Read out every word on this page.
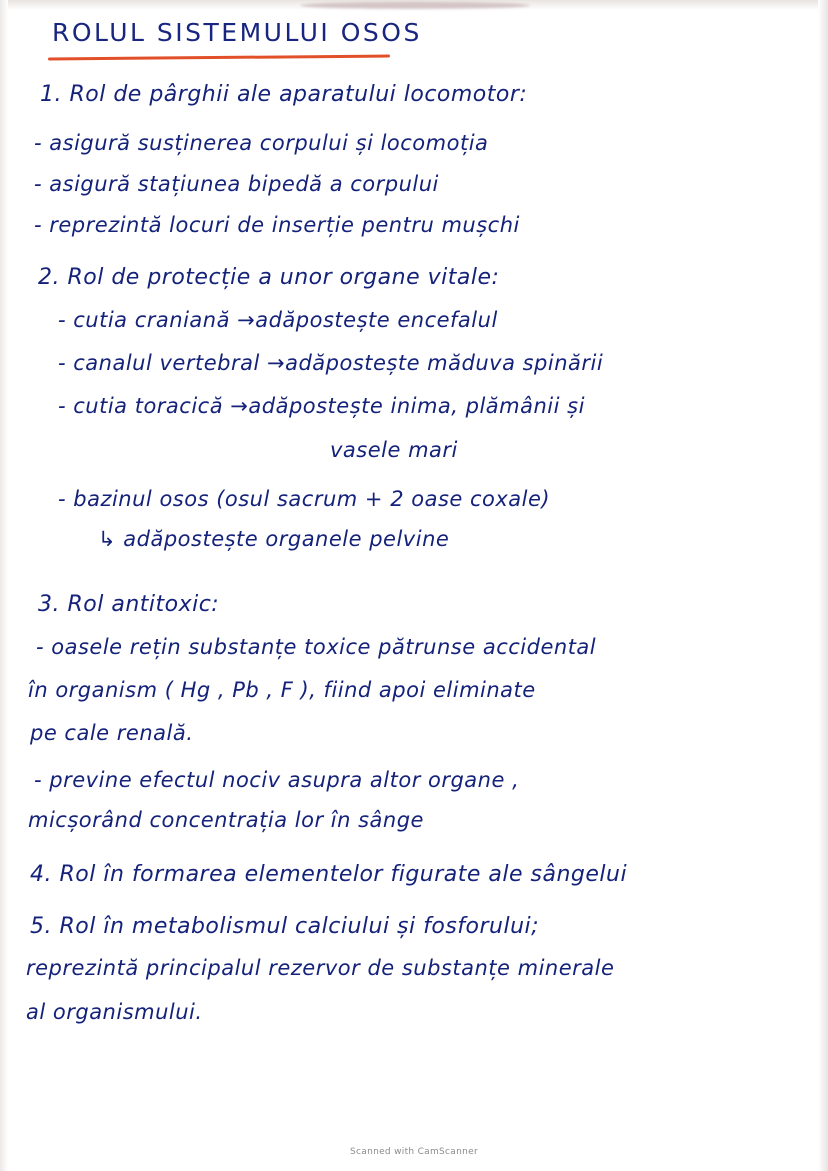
ROLUL SISTEMULUI OSOS
1. Rol de pârghii ale aparatului locomotor:
- asigură susținerea corpului și locomoția
- asigură stațiunea bipedă a corpului
- reprezintă locuri de inserție pentru mușchi
2. Rol de protecție a unor organe vitale:
- cutia craniană →adăpostește encefalul
- canalul vertebral →adăpostește măduva spinării
- cutia toracică →adăpostește inima, plămânii și
vasele mari
- bazinul osos (osul sacrum + 2 oase coxale)
↳ adăpostește organele pelvine
3. Rol antitoxic:
- oasele rețin substanțe toxice pătrunse accidental
în organism ( Hg , Pb , F ), fiind apoi eliminate
pe cale renală.
- previne efectul nociv asupra altor organe ,
micșorând concentrația lor în sânge
4. Rol în formarea elementelor figurate ale sângelui
5. Rol în metabolismul calciului și fosforului;
reprezintă principalul rezervor de substanțe minerale
al organismului.
Scanned with CamScanner
